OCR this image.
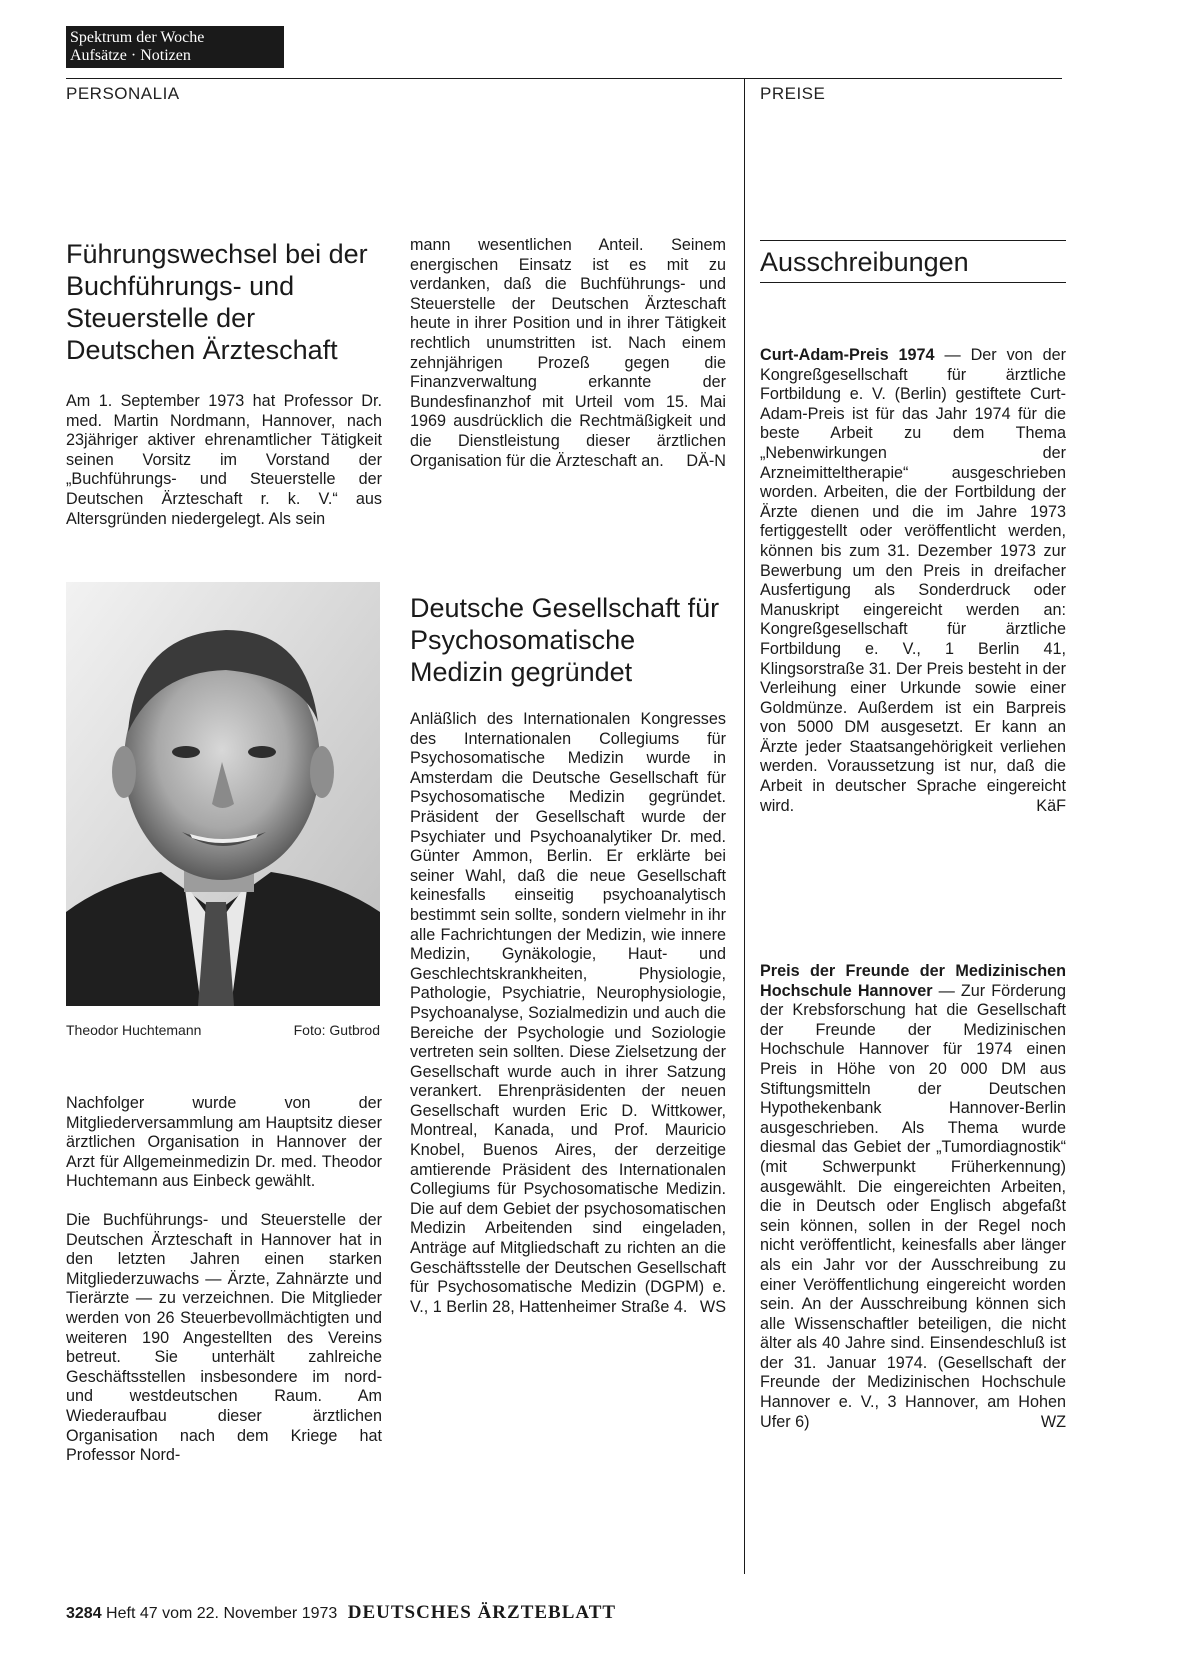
Spektrum der Woche
Aufsätze · Notizen
PERSONALIA	PREISE
Führungswechsel bei der Buchführungs- und Steuerstelle der Deutschen Ärzteschaft

Am 1. September 1973 hat Professor Dr. med. Martin Nordmann, Hannover, nach 23jähriger aktiver ehrenamtlicher Tätigkeit seinen Vorsitz im Vorstand der „Buchführungs- und Steuerstelle der Deutschen Ärzteschaft r. k. V.“ aus Altersgründen niedergelegt. Als sein

Theodor Huchtemann	Foto: Gutbrod

Nachfolger wurde von der Mitgliederversammlung am Hauptsitz dieser ärztlichen Organisation in Hannover der Arzt für Allgemeinmedizin Dr. med. Theodor Huchtemann aus Einbeck gewählt.

Die Buchführungs- und Steuerstelle der Deutschen Ärzteschaft in Hannover hat in den letzten Jahren einen starken Mitgliederzuwachs — Ärzte, Zahnärzte und Tierärzte — zu verzeichnen. Die Mitglieder werden von 26 Steuerbevollmächtigten und weiteren 190 Angestellten des Vereins betreut. Sie unterhält zahlreiche Geschäftsstellen insbesondere im nord- und westdeutschen Raum. Am Wiederaufbau dieser ärztlichen Organisation nach dem Kriege hat Professor Nord-

mann wesentlichen Anteil. Seinem energischen Einsatz ist es mit zu verdanken, daß die Buchführungs- und Steuerstelle der Deutschen Ärzteschaft heute in ihrer Position und in ihrer Tätigkeit rechtlich unumstritten ist. Nach einem zehnjährigen Prozeß gegen die Finanzverwaltung erkannte der Bundesfinanzhof mit Urteil vom 15. Mai 1969 ausdrücklich die Rechtmäßigkeit und die Dienstleistung dieser ärztlichen Organisation für die Ärzteschaft an. DÄ-N

Deutsche Gesellschaft für Psychosomatische Medizin gegründet

Anläßlich des Internationalen Kongresses des Internationalen Collegiums für Psychosomatische Medizin wurde in Amsterdam die Deutsche Gesellschaft für Psychosomatische Medizin gegründet. Präsident der Gesellschaft wurde der Psychiater und Psychoanalytiker Dr. med. Günter Ammon, Berlin. Er erklärte bei seiner Wahl, daß die neue Gesellschaft keinesfalls einseitig psychoanalytisch bestimmt sein sollte, sondern vielmehr in ihr alle Fachrichtungen der Medizin, wie innere Medizin, Gynäkologie, Haut- und Geschlechtskrankheiten, Physiologie, Pathologie, Psychiatrie, Neurophysiologie, Psychoanalyse, Sozialmedizin und auch die Bereiche der Psychologie und Soziologie vertreten sein sollten. Diese Zielsetzung der Gesellschaft wurde auch in ihrer Satzung verankert. Ehrenpräsidenten der neuen Gesellschaft wurden Eric D. Wittkower, Montreal, Kanada, und Prof. Mauricio Knobel, Buenos Aires, der derzeitige amtierende Präsident des Internationalen Collegiums für Psychosomatische Medizin. Die auf dem Gebiet der psychosomatischen Medizin Arbeitenden sind eingeladen, Anträge auf Mitgliedschaft zu richten an die Geschäftsstelle der Deutschen Gesellschaft für Psychosomatische Medizin (DGPM) e. V., 1 Berlin 28, Hattenheimer Straße 4. WS

Ausschreibungen

Curt-Adam-Preis 1974 — Der von der Kongreßgesellschaft für ärztliche Fortbildung e. V. (Berlin) gestiftete Curt-Adam-Preis ist für das Jahr 1974 für die beste Arbeit zu dem Thema „Nebenwirkungen der Arzneimitteltherapie“ ausgeschrieben worden. Arbeiten, die der Fortbildung der Ärzte dienen und die im Jahre 1973 fertiggestellt oder veröffentlicht werden, können bis zum 31. Dezember 1973 zur Bewerbung um den Preis in dreifacher Ausfertigung als Sonderdruck oder Manuskript eingereicht werden an: Kongreßgesellschaft für ärztliche Fortbildung e. V., 1 Berlin 41, Klingsorstraße 31. Der Preis besteht in der Verleihung einer Urkunde sowie einer Goldmünze. Außerdem ist ein Barpreis von 5000 DM ausgesetzt. Er kann an Ärzte jeder Staatsangehörigkeit verliehen werden. Voraussetzung ist nur, daß die Arbeit in deutscher Sprache eingereicht wird.	KäF

Preis der Freunde der Medizinischen Hochschule Hannover — Zur Förderung der Krebsforschung hat die Gesellschaft der Freunde der Medizinischen Hochschule Hannover für 1974 einen Preis in Höhe von 20 000 DM aus Stiftungsmitteln der Deutschen Hypothekenbank Hannover-Berlin ausgeschrieben. Als Thema wurde diesmal das Gebiet der „Tumordiagnostik“ (mit Schwerpunkt Früherkennung) ausgewählt. Die eingereichten Arbeiten, die in Deutsch oder Englisch abgefaßt sein können, sollen in der Regel noch nicht veröffentlicht, keinesfalls aber länger als ein Jahr vor der Ausschreibung zu einer Veröffentlichung eingereicht worden sein. An der Ausschreibung können sich alle Wissenschaftler beteiligen, die nicht älter als 40 Jahre sind. Einsendeschluß ist der 31. Januar 1974. (Gesellschaft der Freunde der Medizinischen Hochschule Hannover e. V., 3 Hannover, am Hohen Ufer 6)	WZ

3284 Heft 47 vom 22. November 1973 DEUTSCHES ÄRZTEBLATT
